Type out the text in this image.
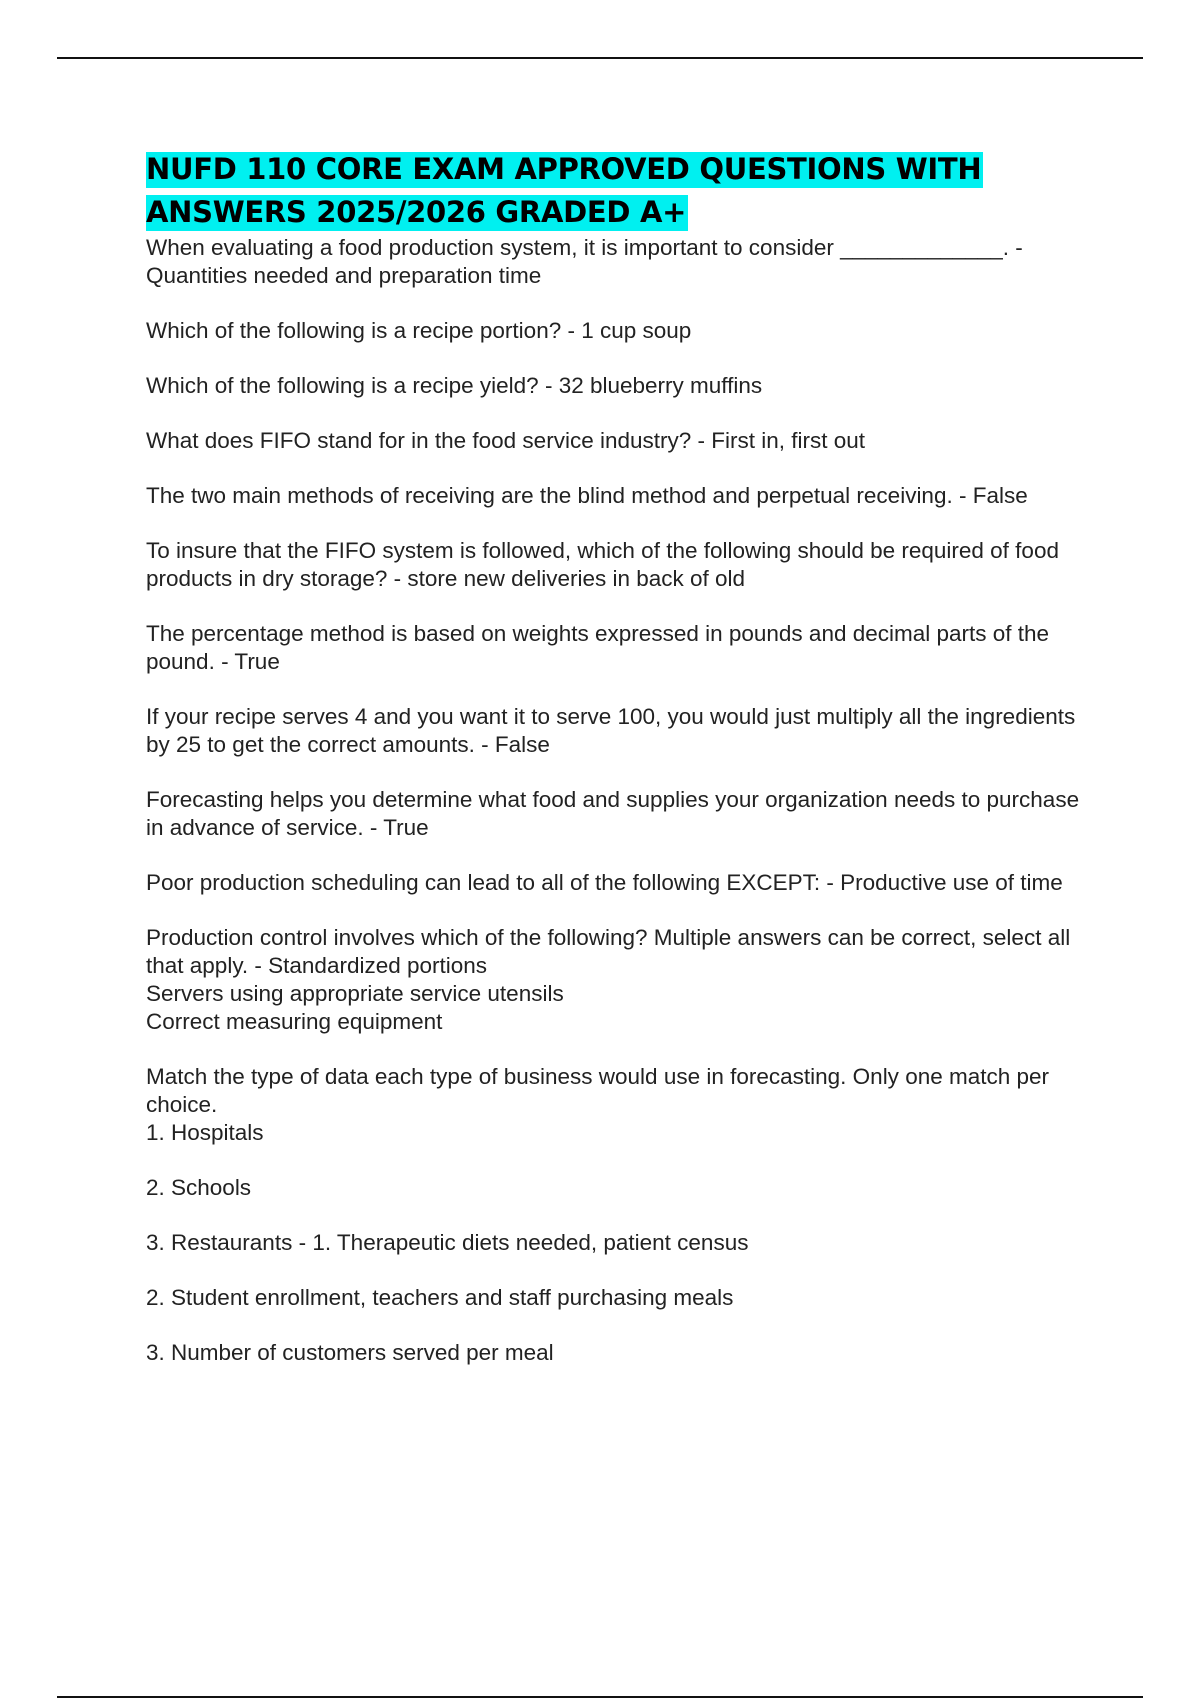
NUFD 110 CORE EXAM APPROVED QUESTIONS WITH ANSWERS 2025/2026 GRADED A+
When evaluating a food production system, it is important to consider _____________. - Quantities needed and preparation time
Which of the following is a recipe portion? - 1 cup soup
Which of the following is a recipe yield? - 32 blueberry muffins
What does FIFO stand for in the food service industry? - First in, first out
The two main methods of receiving are the blind method and perpetual receiving. - False
To insure that the FIFO system is followed, which of the following should be required of food products in dry storage? - store new deliveries in back of old
The percentage method is based on weights expressed in pounds and decimal parts of the pound. - True
If your recipe serves 4 and you want it to serve 100, you would just multiply all the ingredients by 25 to get the correct amounts. - False
Forecasting helps you determine what food and supplies your organization needs to purchase in advance of service. - True
Poor production scheduling can lead to all of the following EXCEPT: - Productive use of time
Production control involves which of the following? Multiple answers can be correct, select all that apply. - Standardized portions
Servers using appropriate service utensils
Correct measuring equipment
Match the type of data each type of business would use in forecasting. Only one match per choice.
1. Hospitals
2. Schools
3. Restaurants - 1. Therapeutic diets needed, patient census
2. Student enrollment, teachers and staff purchasing meals
3. Number of customers served per meal
